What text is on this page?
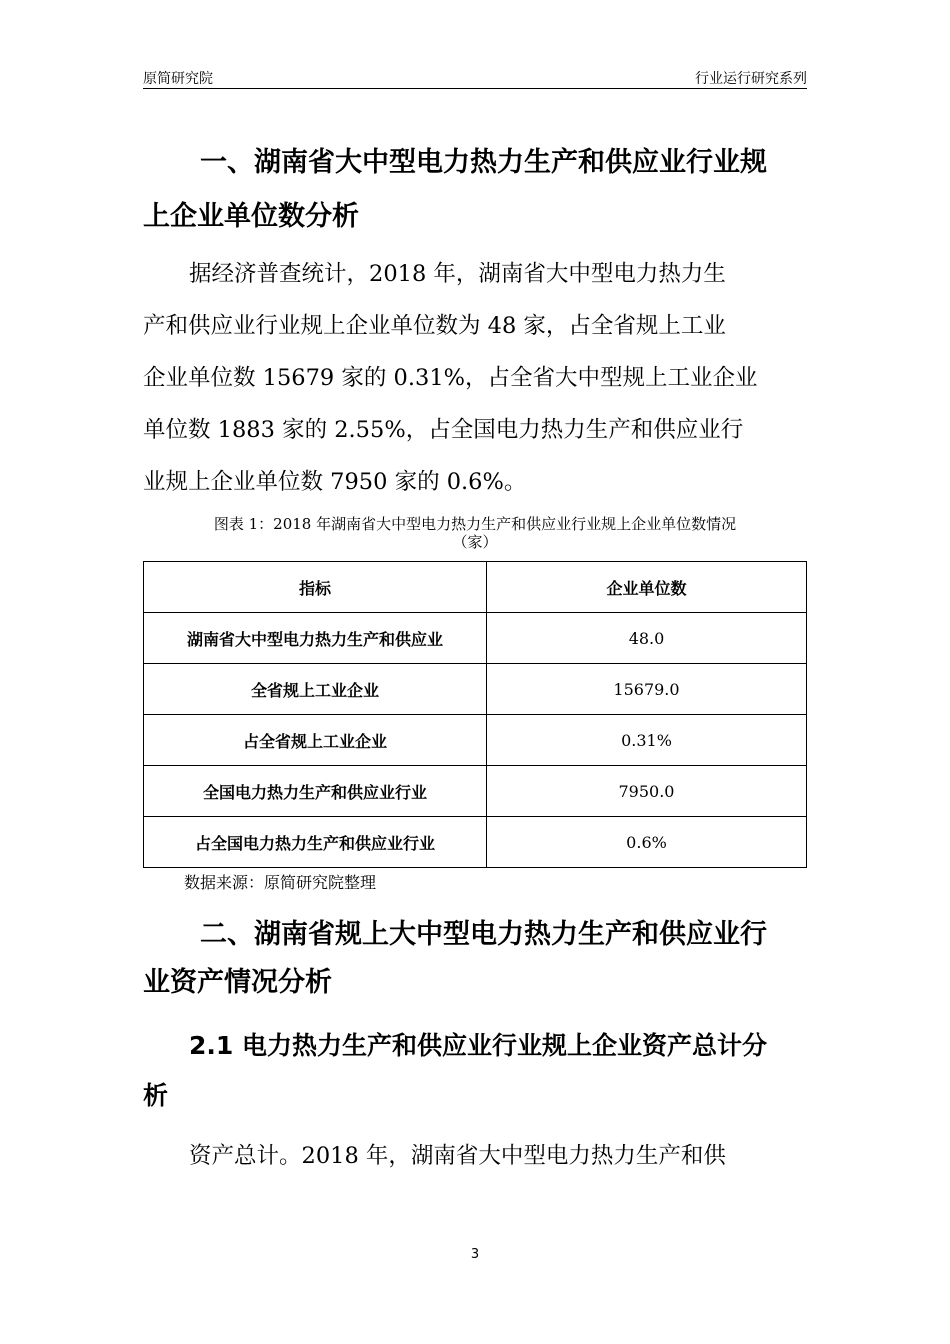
原简研究院	行业运行研究系列

一、湖南省大中型电力热力生产和供应业行业规

上企业单位数分析

据经济普查统计，2018 年，湖南省大中型电力热力生

产和供应业行业规上企业单位数为 48 家，占全省规上工业

企业单位数 15679 家的 0.31%，占全省大中型规上工业企业

单位数 1883 家的 2.55%，占全国电力热力生产和供应业行

业规上企业单位数 7950 家的 0.6%。

图表 1：2018 年湖南省大中型电力热力生产和供应业行业规上企业单位数情况
（家）
指标	企业单位数
湖南省大中型电力热力生产和供应业	48.0
全省规上工业企业	15679.0
占全省规上工业企业	0.31%
全国电力热力生产和供应业行业	7950.0
占全国电力热力生产和供应业行业	0.6%
数据来源：原简研究院整理

二、湖南省规上大中型电力热力生产和供应业行

业资产情况分析

2.1 电力热力生产和供应业行业规上企业资产总计分

析

资产总计。2018 年，湖南省大中型电力热力生产和供

3
